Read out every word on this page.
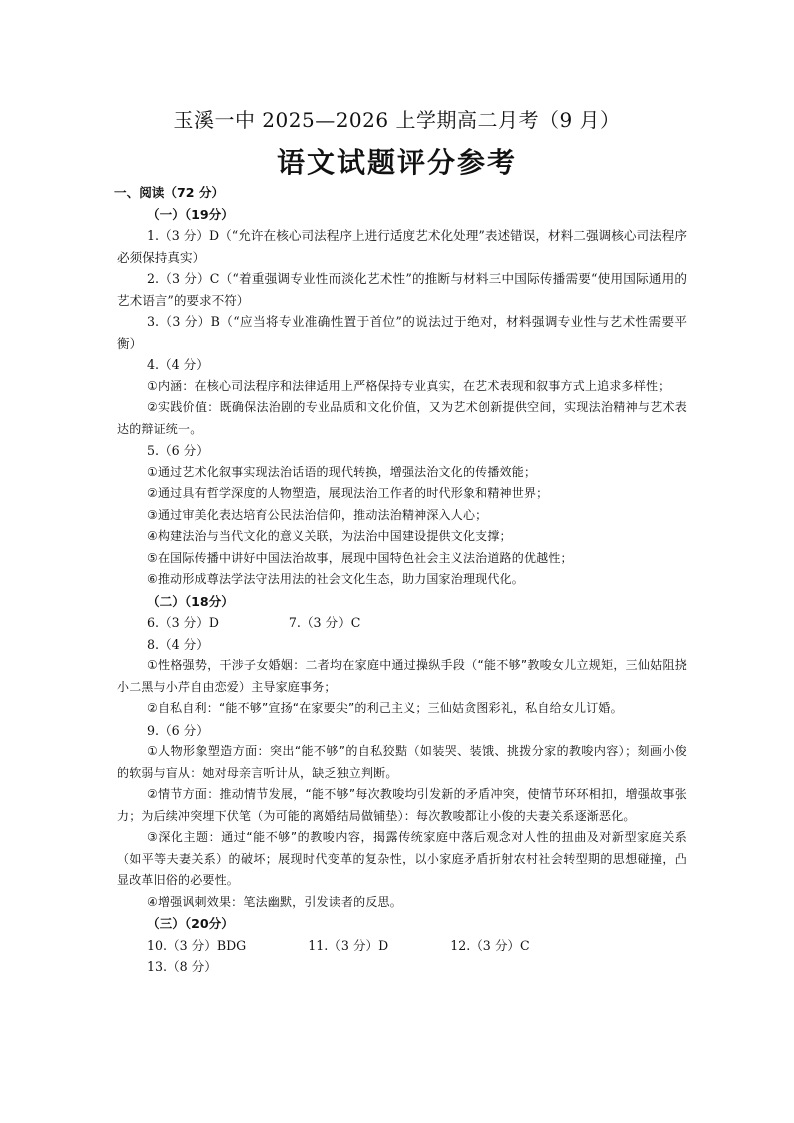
玉溪一中 2025—2026 上学期高二月考（9 月）
语文试题评分参考

一、阅读（72 分）

（一）（19分）

1.（3 分）D（“允许在核心司法程序上进行适度艺术化处理”表述错误，材料二强调核心司法程序必须保持真实）

2.（3 分）C（“着重强调专业性而淡化艺术性”的推断与材料三中国际传播需要“使用国际通用的艺术语言”的要求不符）

3.（3 分）B（“应当将专业准确性置于首位”的说法过于绝对，材料强调专业性与艺术性需要平衡）

4.（4 分）

①内涵：在核心司法程序和法律适用上严格保持专业真实，在艺术表现和叙事方式上追求多样性；

②实践价值：既确保法治剧的专业品质和文化价值，又为艺术创新提供空间，实现法治精神与艺术表达的辩证统一。

5.（6 分）

①通过艺术化叙事实现法治话语的现代转换，增强法治文化的传播效能；

②通过具有哲学深度的人物塑造，展现法治工作者的时代形象和精神世界；

③通过审美化表达培育公民法治信仰，推动法治精神深入人心；

④构建法治与当代文化的意义关联，为法治中国建设提供文化支撑；

⑤在国际传播中讲好中国法治故事，展现中国特色社会主义法治道路的优越性；

⑥推动形成尊法学法守法用法的社会文化生态，助力国家治理现代化。

（二）（18分）

6.（3 分）D	7.（3 分）C

8.（4 分）

①性格强势，干涉子女婚姻：二者均在家庭中通过操纵手段（“能不够”教唆女儿立规矩，三仙姑阻挠小二黑与小芹自由恋爱）主导家庭事务；

②自私自利：“能不够”宣扬“在家要尖”的利己主义；三仙姑贪图彩礼，私自给女儿订婚。

9.（6 分）

①人物形象塑造方面：突出“能不够”的自私狡黠（如装哭、装饿、挑拨分家的教唆内容）；刻画小俊的软弱与盲从：她对母亲言听计从，缺乏独立判断。

②情节方面：推动情节发展，“能不够”每次教唆均引发新的矛盾冲突，使情节环环相扣，增强故事张力；为后续冲突埋下伏笔（为可能的离婚结局做铺垫）：每次教唆都让小俊的夫妻关系逐渐恶化。

③深化主题：通过“能不够”的教唆内容，揭露传统家庭中落后观念对人性的扭曲及对新型家庭关系（如平等夫妻关系）的破坏；展现时代变革的复杂性，以小家庭矛盾折射农村社会转型期的思想碰撞，凸显改革旧俗的必要性。

④增强讽刺效果：笔法幽默，引发读者的反思。

（三）（20分）

10.（3 分）BDG	11.（3 分）D	12.（3 分）C

13.（8 分）
